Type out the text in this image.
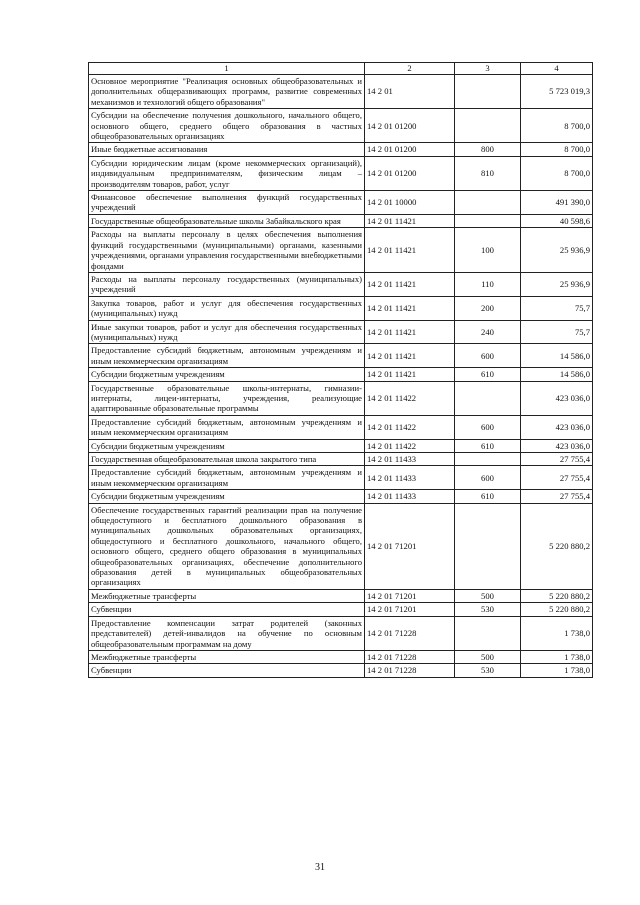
1	2	3	4
Основное мероприятие "Реализация основных общеобразовательных и дополнительных общеразвивающих программ, развитие современных механизмов и технологий общего образования"	14 2 01		5 723 019,3
Субсидии на обеспечение получения дошкольного, начального общего, основного общего, среднего общего образования в частных общеобразовательных организациях	14 2 01 01200		8 700,0
Иные бюджетные ассигнования	14 2 01 01200	800	8 700,0
Субсидии юридическим лицам (кроме некоммерческих организаций), индивидуальным предпринимателям, физическим лицам – производителям товаров, работ, услуг	14 2 01 01200	810	8 700,0
Финансовое обеспечение выполнения функций государственных учреждений	14 2 01 10000		491 390,0
Государственные общеобразовательные школы Забайкальского края	14 2 01 11421		40 598,6
Расходы на выплаты персоналу в целях обеспечения выполнения функций государственными (муниципальными) органами, казенными учреждениями, органами управления государственными внебюджетными фондами	14 2 01 11421	100	25 936,9
Расходы на выплаты персоналу государственных (муниципальных) учреждений	14 2 01 11421	110	25 936,9
Закупка товаров, работ и услуг для обеспечения государственных (муниципальных) нужд	14 2 01 11421	200	75,7
Иные закупки товаров, работ и услуг для обеспечения государственных (муниципальных) нужд	14 2 01 11421	240	75,7
Предоставление субсидий бюджетным, автономным учреждениям и иным некоммерческим организациям	14 2 01 11421	600	14 586,0
Субсидии бюджетным учреждениям	14 2 01 11421	610	14 586,0
Государственные образовательные школы-интернаты, гимназии-интернаты, лицеи-интернаты, учреждения, реализующие адаптированные образовательные программы	14 2 01 11422		423 036,0
Предоставление субсидий бюджетным, автономным учреждениям и иным некоммерческим организациям	14 2 01 11422	600	423 036,0
Субсидии бюджетным учреждениям	14 2 01 11422	610	423 036,0
Государственная общеобразовательная школа закрытого типа	14 2 01 11433		27 755,4
Предоставление субсидий бюджетным, автономным учреждениям и иным некоммерческим организациям	14 2 01 11433	600	27 755,4
Субсидии бюджетным учреждениям	14 2 01 11433	610	27 755,4
Обеспечение государственных гарантий реализации прав на получение общедоступного и бесплатного дошкольного образования в муниципальных дошкольных образовательных организациях, общедоступного и бесплатного дошкольного, начального общего, основного общего, среднего общего образования в муниципальных общеобразовательных организациях, обеспечение дополнительного образования детей в муниципальных общеобразовательных организациях	14 2 01 71201		5 220 880,2
Межбюджетные трансферты	14 2 01 71201	500	5 220 880,2
Субвенции	14 2 01 71201	530	5 220 880,2
Предоставление компенсации затрат родителей (законных представителей) детей-инвалидов на обучение по основным общеобразовательным программам на дому	14 2 01 71228		1 738,0
Межбюджетные трансферты	14 2 01 71228	500	1 738,0
Субвенции	14 2 01 71228	530	1 738,0
31
